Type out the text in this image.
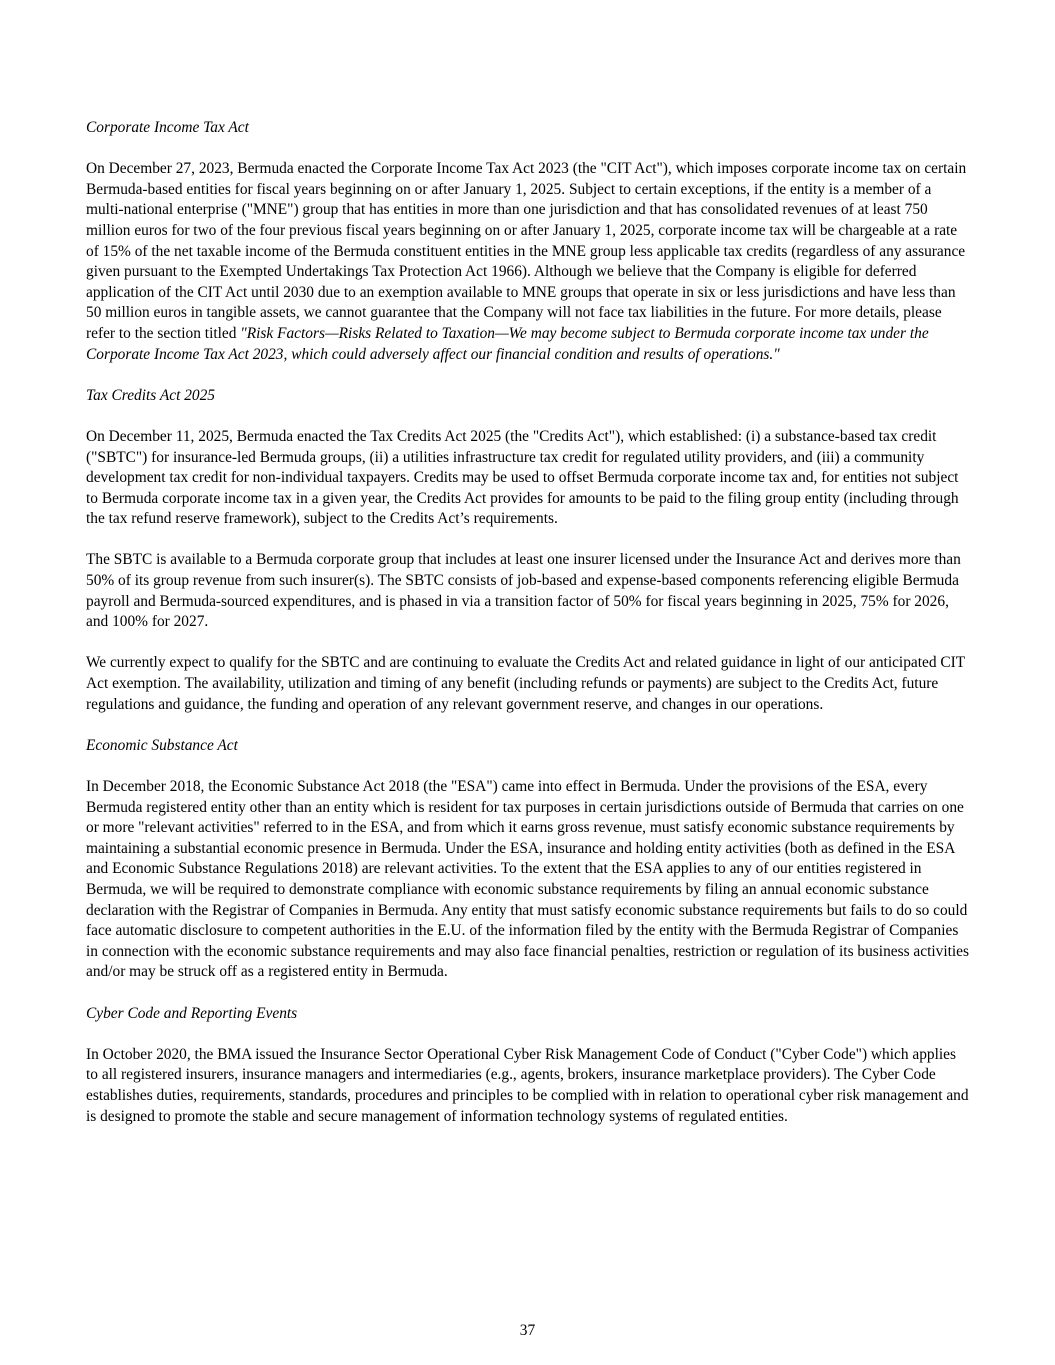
Corporate Income Tax Act

On December 27, 2023, Bermuda enacted the Corporate Income Tax Act 2023 (the "CIT Act"), which imposes corporate income tax on certain Bermuda-based entities for fiscal years beginning on or after January 1, 2025. Subject to certain exceptions, if the entity is a member of a multi-national enterprise ("MNE") group that has entities in more than one jurisdiction and that has consolidated revenues of at least 750 million euros for two of the four previous fiscal years beginning on or after January 1, 2025, corporate income tax will be chargeable at a rate of 15% of the net taxable income of the Bermuda constituent entities in the MNE group less applicable tax credits (regardless of any assurance given pursuant to the Exempted Undertakings Tax Protection Act 1966). Although we believe that the Company is eligible for deferred application of the CIT Act until 2030 due to an exemption available to MNE groups that operate in six or less jurisdictions and have less than 50 million euros in tangible assets, we cannot guarantee that the Company will not face tax liabilities in the future. For more details, please refer to the section titled "Risk Factors—Risks Related to Taxation—We may become subject to Bermuda corporate income tax under the Corporate Income Tax Act 2023, which could adversely affect our financial condition and results of operations."

Tax Credits Act 2025

On December 11, 2025, Bermuda enacted the Tax Credits Act 2025 (the "Credits Act"), which established: (i) a substance-based tax credit ("SBTC") for insurance-led Bermuda groups, (ii) a utilities infrastructure tax credit for regulated utility providers, and (iii) a community development tax credit for non-individual taxpayers. Credits may be used to offset Bermuda corporate income tax and, for entities not subject to Bermuda corporate income tax in a given year, the Credits Act provides for amounts to be paid to the filing group entity (including through the tax refund reserve framework), subject to the Credits Act’s requirements.

The SBTC is available to a Bermuda corporate group that includes at least one insurer licensed under the Insurance Act and derives more than 50% of its group revenue from such insurer(s). The SBTC consists of job-based and expense-based components referencing eligible Bermuda payroll and Bermuda-sourced expenditures, and is phased in via a transition factor of 50% for fiscal years beginning in 2025, 75% for 2026, and 100% for 2027.

We currently expect to qualify for the SBTC and are continuing to evaluate the Credits Act and related guidance in light of our anticipated CIT Act exemption. The availability, utilization and timing of any benefit (including refunds or payments) are subject to the Credits Act, future regulations and guidance, the funding and operation of any relevant government reserve, and changes in our operations.

Economic Substance Act

In December 2018, the Economic Substance Act 2018 (the "ESA") came into effect in Bermuda. Under the provisions of the ESA, every Bermuda registered entity other than an entity which is resident for tax purposes in certain jurisdictions outside of Bermuda that carries on one or more "relevant activities" referred to in the ESA, and from which it earns gross revenue, must satisfy economic substance requirements by maintaining a substantial economic presence in Bermuda. Under the ESA, insurance and holding entity activities (both as defined in the ESA and Economic Substance Regulations 2018) are relevant activities. To the extent that the ESA applies to any of our entities registered in Bermuda, we will be required to demonstrate compliance with economic substance requirements by filing an annual economic substance declaration with the Registrar of Companies in Bermuda. Any entity that must satisfy economic substance requirements but fails to do so could face automatic disclosure to competent authorities in the E.U. of the information filed by the entity with the Bermuda Registrar of Companies in connection with the economic substance requirements and may also face financial penalties, restriction or regulation of its business activities and/or may be struck off as a registered entity in Bermuda.

Cyber Code and Reporting Events

In October 2020, the BMA issued the Insurance Sector Operational Cyber Risk Management Code of Conduct ("Cyber Code") which applies to all registered insurers, insurance managers and intermediaries (e.g., agents, brokers, insurance marketplace providers). The Cyber Code establishes duties, requirements, standards, procedures and principles to be complied with in relation to operational cyber risk management and is designed to promote the stable and secure management of information technology systems of regulated entities.

37
